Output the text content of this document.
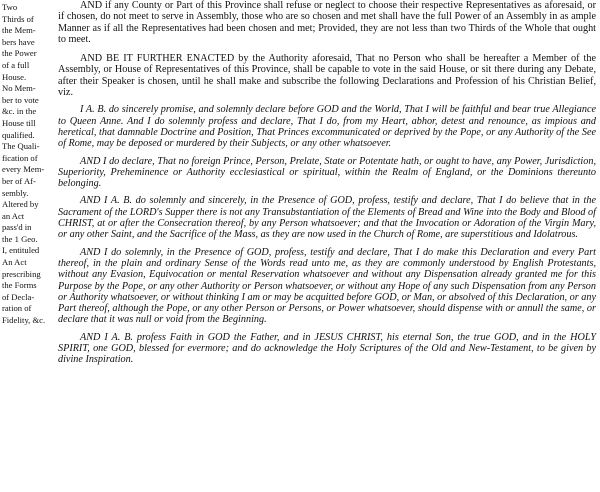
Two
Thirds of
the Mem-
bers have
the Power
of a full
House.
No Mem-
ber to vote
&c. in the
House till
qualified.
The Quali-
fication of
every Mem-
ber of Af-
sembly.
Altered by
an Act
pass'd in
the 1 Geo.
I, entituled
An Act
prescribing
the Forms
of Decla-
ration of
Fidelity, &c.

AND if any County or Part of this Province shall refuse or neglect to choose their respective Representatives as aforesaid, or if chosen, do not meet to serve in Assembly, those who are so chosen and met shall have the full Power of an Assembly in as ample Manner as if all the Representatives had been chosen and met; Provided, they are not less than two Thirds of the Whole that ought to meet.

AND BE IT FURTHER ENACTED by the Authority aforesaid, That no Person who shall be hereafter a Member of the Assembly, or House of Representatives of this Province, shall be capable to vote in the said House, or sit there during any Debate, after their Speaker is chosen, until he shall make and subscribe the following Declarations and Profession of his Christian Belief, viz.

I A. B. do sincerely promise, and solemnly declare before GOD and the World, That I will be faithful and bear true Allegiance to Queen Anne. And I do solemnly profess and declare, That I do, from my Heart, abhor, detest and renounce, as impious and heretical, that damnable Doctrine and Position, That Princes excommunicated or deprived by the Pope, or any Authority of the See of Rome, may be deposed or murdered by their Subjects, or any other whatsoever.

AND I do declare, That no foreign Prince, Person, Prelate, State or Potentate hath, or ought to have, any Power, Jurisdiction, Superiority, Preheminence or Authority ecclesiastical or spiritual, within the Realm of England, or the Dominions thereunto belonging.

AND I A. B. do solemnly and sincerely, in the Presence of GOD, profess, testify and declare, That I do believe that in the Sacrament of the LORD's Supper there is not any Transubstantiation of the Elements of Bread and Wine into the Body and Blood of CHRIST, at or after the Consecration thereof, by any Person whatsoever; and that the Invocation or Adoration of the Virgin Mary, or any other Saint, and the Sacrifice of the Mass, as they are now used in the Church of Rome, are superstitious and Idolatrous.

AND I do solemnly, in the Presence of GOD, profess, testify and declare, That I do make this Declaration and every Part thereof, in the plain and ordinary Sense of the Words read unto me, as they are commonly understood by English Protestants, without any Evasion, Equivocation or mental Reservation whatsoever and without any Dispensation already granted me for this Purpose by the Pope, or any other Authority or Person whatsoever, or without any Hope of any such Dispensation from any Person or Authority whatsoever, or without thinking I am or may be acquitted before GOD, or Man, or absolved of this Declaration, or any Part thereof, although the Pope, or any other Person or Persons, or Power whatsoever, should dispense with or annull the same, or declare that it was null or void from the Beginning.

AND I A. B. profess Faith in GOD the Father, and in JESUS CHRIST, his eternal Son, the true GOD, and in the HOLY SPIRIT, one GOD, blessed for evermore; and do acknowledge the Holy Scriptures of the Old and New-Testament, to be given by divine Inspiration.
